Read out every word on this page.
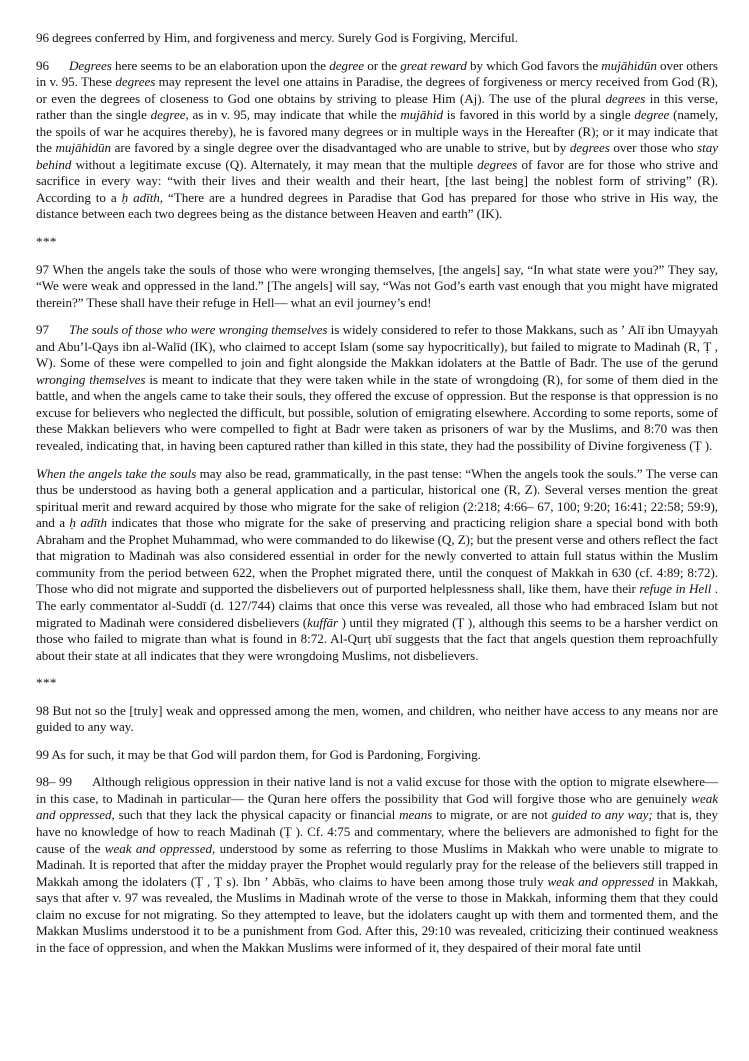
96 degrees conferred by Him, and forgiveness and mercy. Surely God is Forgiving, Merciful.

96 Degrees here seems to be an elaboration upon the degree or the great reward by which God favors the mujāhidūn over others in v. 95. These degrees may represent the level one attains in Paradise, the degrees of forgiveness or mercy received from God (R), or even the degrees of closeness to God one obtains by striving to please Him (Aj). The use of the plural degrees in this verse, rather than the single degree, as in v. 95, may indicate that while the mujāhid is favored in this world by a single degree (namely, the spoils of war he acquires thereby), he is favored many degrees or in multiple ways in the Hereafter (R); or it may indicate that the mujāhidūn are favored by a single degree over the disadvantaged who are unable to strive, but by degrees over those who stay behind without a legitimate excuse (Q). Alternately, it may mean that the multiple degrees of favor are for those who strive and sacrifice in every way: “with their lives and their wealth and their heart, [the last being] the noblest form of striving” (R). According to a ḥ adīth, “There are a hundred degrees in Paradise that God has prepared for those who strive in His way, the distance between each two degrees being as the distance between Heaven and earth” (IK).

***

97 When the angels take the souls of those who were wronging themselves, [the angels] say, “In what state were you?” They say, “We were weak and oppressed in the land.” [The angels] will say, “Was not God’s earth vast enough that you might have migrated therein?” These shall have their refuge in Hell— what an evil journey’s end!

97 The souls of those who were wronging themselves is widely considered to refer to those Makkans, such as ʼ Alī ibn Umayyah and Abu’l-Qays ibn al-Walīd (IK), who claimed to accept Islam (some say hypocritically), but failed to migrate to Madinah (R, Ṭ , W). Some of these were compelled to join and fight alongside the Makkan idolaters at the Battle of Badr. The use of the gerund wronging themselves is meant to indicate that they were taken while in the state of wrongdoing (R), for some of them died in the battle, and when the angels came to take their souls, they offered the excuse of oppression. But the response is that oppression is no excuse for believers who neglected the difficult, but possible, solution of emigrating elsewhere. According to some reports, some of these Makkan believers who were compelled to fight at Badr were taken as prisoners of war by the Muslims, and 8:70 was then revealed, indicating that, in having been captured rather than killed in this state, they had the possibility of Divine forgiveness (Ṭ ).

When the angels take the souls may also be read, grammatically, in the past tense: “When the angels took the souls.” The verse can thus be understood as having both a general application and a particular, historical one (R, Z). Several verses mention the great spiritual merit and reward acquired by those who migrate for the sake of religion (2:218; 4:66– 67, 100; 9:20; 16:41; 22:58; 59:9), and a ḥ adīth indicates that those who migrate for the sake of preserving and practicing religion share a special bond with both Abraham and the Prophet Muhammad, who were commanded to do likewise (Q, Z); but the present verse and others reflect the fact that migration to Madinah was also considered essential in order for the newly converted to attain full status within the Muslim community from the period between 622, when the Prophet migrated there, until the conquest of Makkah in 630 (cf. 4:89; 8:72). Those who did not migrate and supported the disbelievers out of purported helplessness shall, like them, have their refuge in Hell . The early commentator al-Suddī (d. 127/744) claims that once this verse was revealed, all those who had embraced Islam but not migrated to Madinah were considered disbelievers (kuffār ) until they migrated (Ṭ ), although this seems to be a harsher verdict on those who failed to migrate than what is found in 8:72. Al-Qurṭ ubī suggests that the fact that angels question them reproachfully about their state at all indicates that they were wrongdoing Muslims, not disbelievers.

***

98 But not so the [truly] weak and oppressed among the men, women, and children, who neither have access to any means nor are guided to any way.

99 As for such, it may be that God will pardon them, for God is Pardoning, Forgiving.

98– 99 Although religious oppression in their native land is not a valid excuse for those with the option to migrate elsewhere— in this case, to Madinah in particular— the Quran here offers the possibility that God will forgive those who are genuinely weak and oppressed, such that they lack the physical capacity or financial means to migrate, or are not guided to any way; that is, they have no knowledge of how to reach Madinah (Ṭ ). Cf. 4:75 and commentary, where the believers are admonished to fight for the cause of the weak and oppressed, understood by some as referring to those Muslims in Makkah who were unable to migrate to Madinah. It is reported that after the midday prayer the Prophet would regularly pray for the release of the believers still trapped in Makkah among the idolaters (Ṭ , Ṭ s). Ibn ʼ Abbās, who claims to have been among those truly weak and oppressed in Makkah, says that after v. 97 was revealed, the Muslims in Madinah wrote of the verse to those in Makkah, informing them that they could claim no excuse for not migrating. So they attempted to leave, but the idolaters caught up with them and tormented them, and the Makkan Muslims understood it to be a punishment from God. After this, 29:10 was revealed, criticizing their continued weakness in the face of oppression, and when the Makkan Muslims were informed of it, they despaired of their moral fate until
